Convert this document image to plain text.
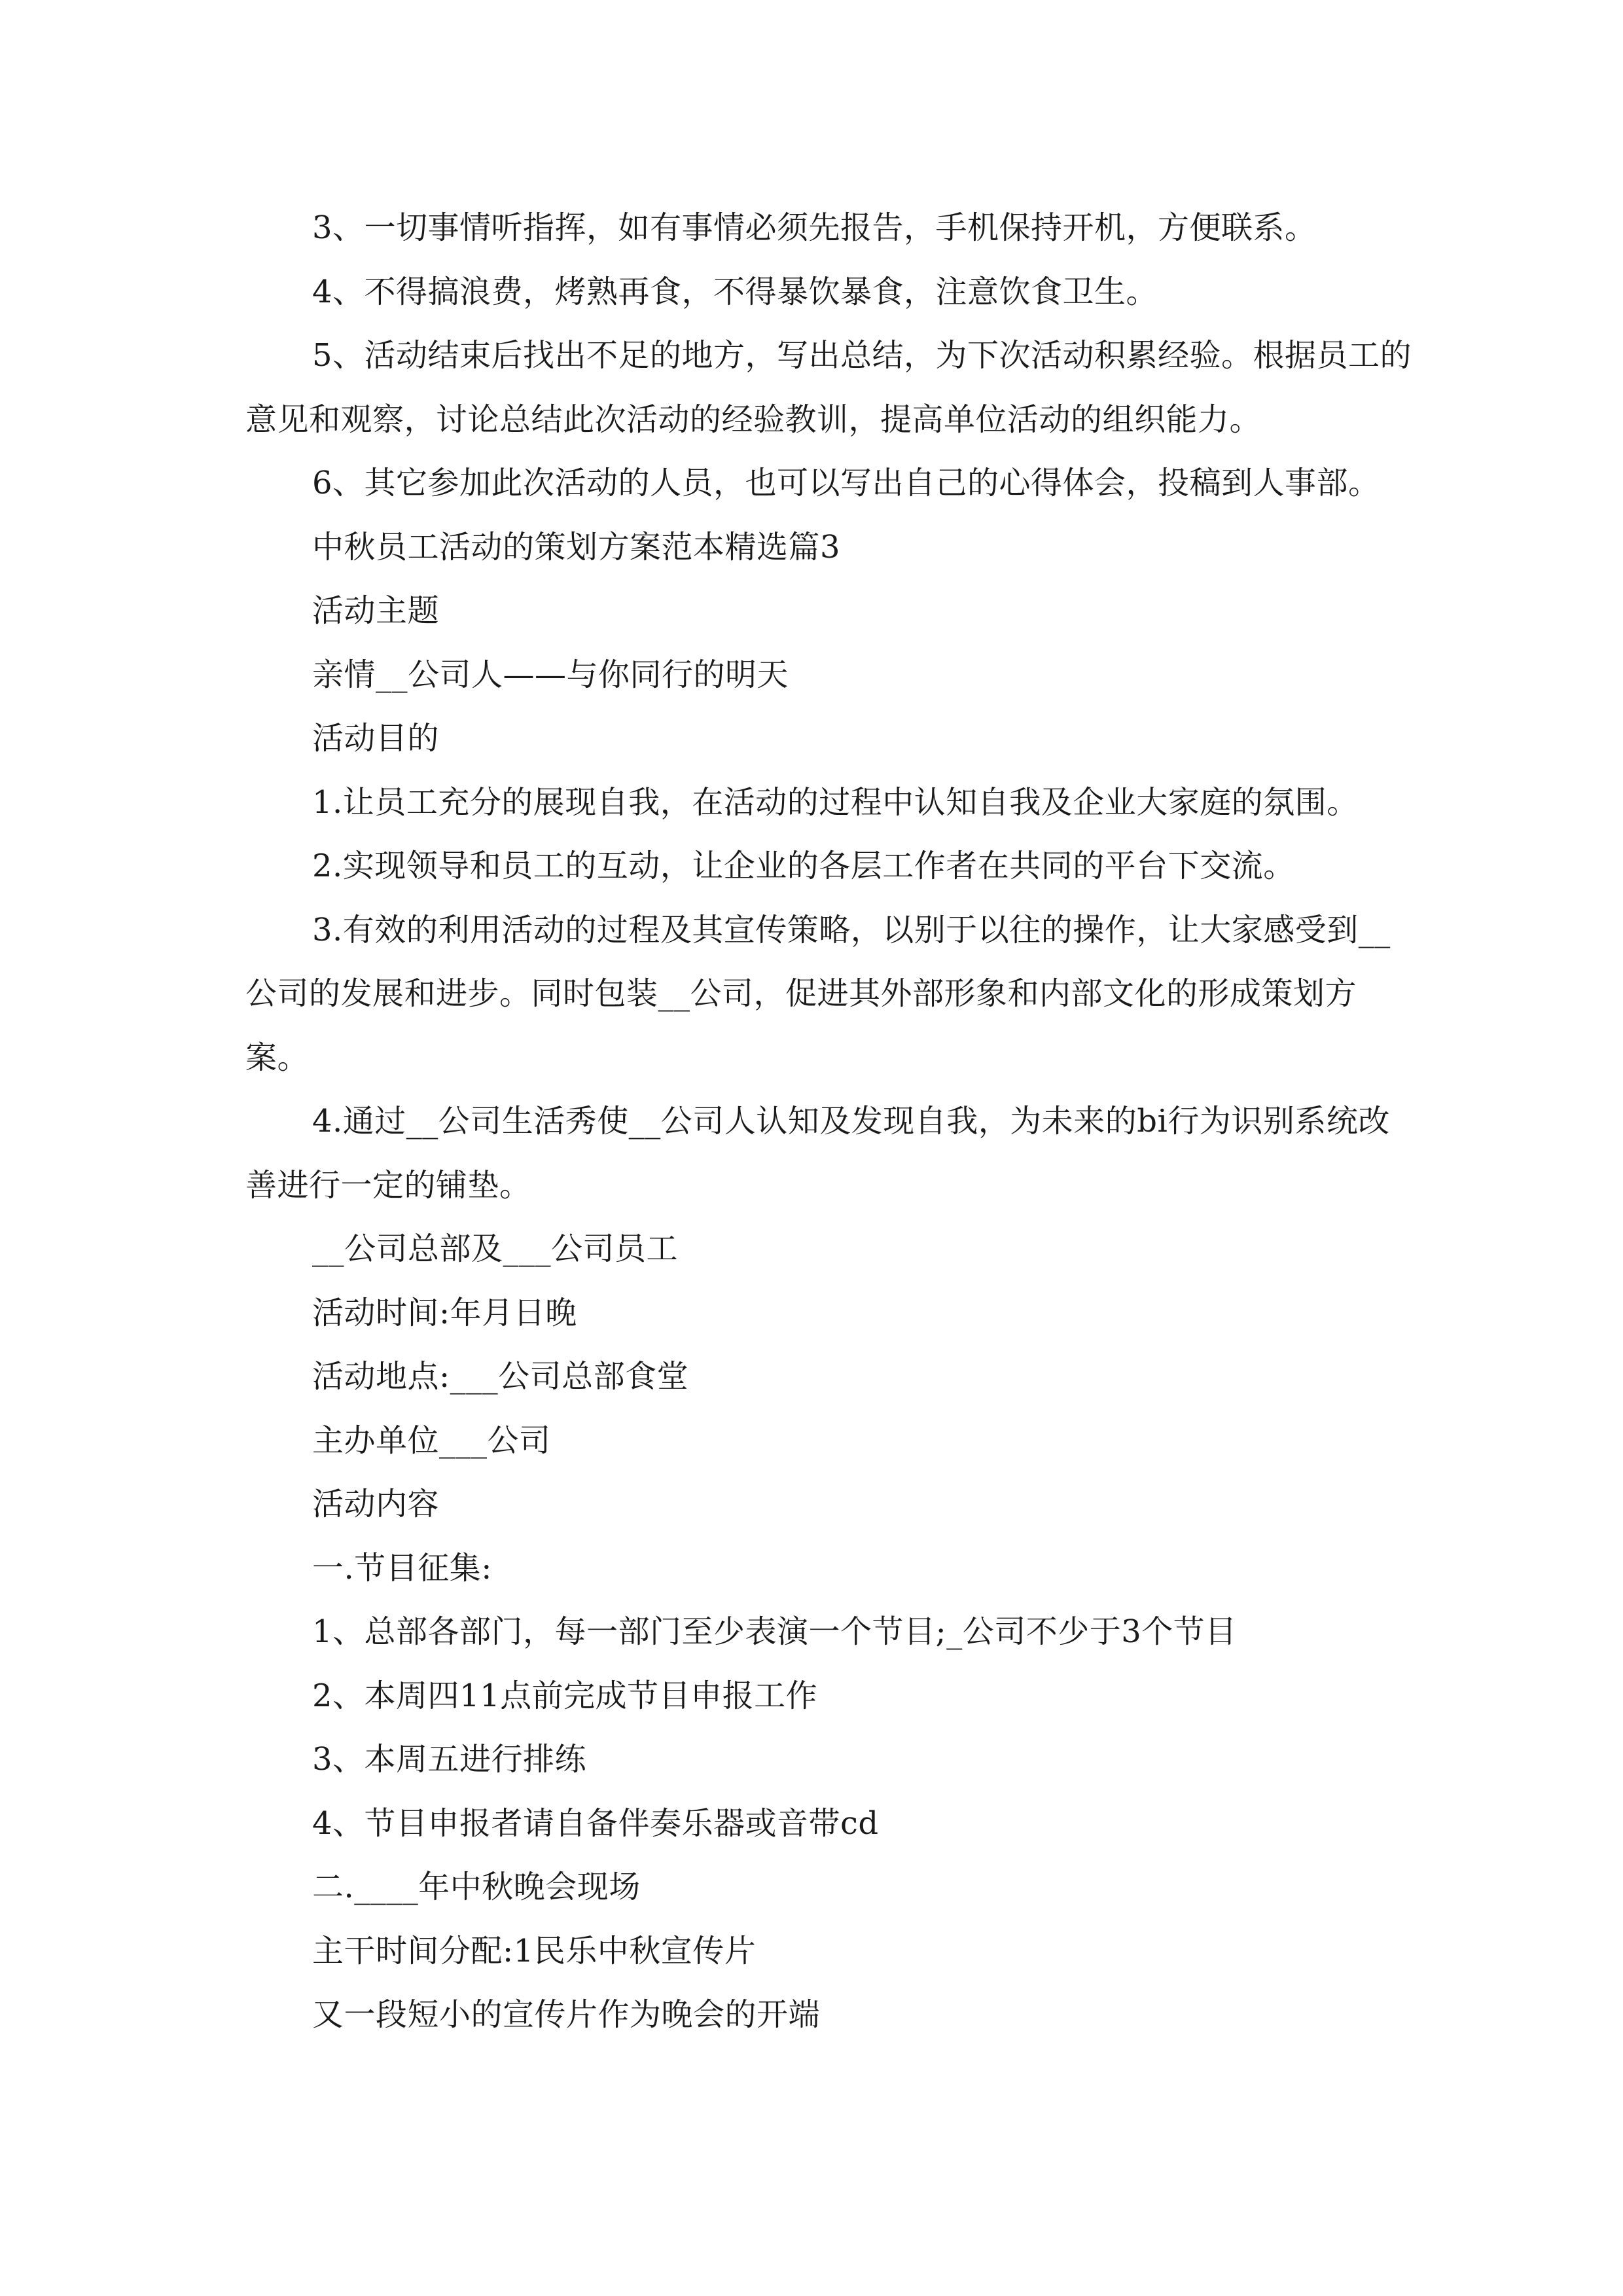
3、一切事情听指挥，如有事情必须先报告，手机保持开机，方便联系。

4、不得搞浪费，烤熟再食，不得暴饮暴食，注意饮食卫生。

5、活动结束后找出不足的地方，写出总结，为下次活动积累经验。根据员工的意见和观察，讨论总结此次活动的经验教训，提高单位活动的组织能力。

6、其它参加此次活动的人员，也可以写出自己的心得体会，投稿到人事部。

中秋员工活动的策划方案范本精选篇3

活动主题

亲情__公司人——与你同行的明天

活动目的

1.让员工充分的展现自我，在活动的过程中认知自我及企业大家庭的氛围。

2.实现领导和员工的互动，让企业的各层工作者在共同的平台下交流。

3.有效的利用活动的过程及其宣传策略，以别于以往的操作，让大家感受到__公司的发展和进步。同时包装__公司，促进其外部形象和内部文化的形成策划方案。

4.通过__公司生活秀使__公司人认知及发现自我，为未来的bi行为识别系统改善进行一定的铺垫。

__公司总部及___公司员工

活动时间:年月日晚

活动地点:___公司总部食堂

主办单位___公司

活动内容

一.节目征集:

1、总部各部门，每一部门至少表演一个节目;_公司不少于3个节目

2、本周四11点前完成节目申报工作

3、本周五进行排练

4、节目申报者请自备伴奏乐器或音带cd

二.____年中秋晚会现场

主干时间分配:1民乐中秋宣传片

又一段短小的宣传片作为晚会的开端
